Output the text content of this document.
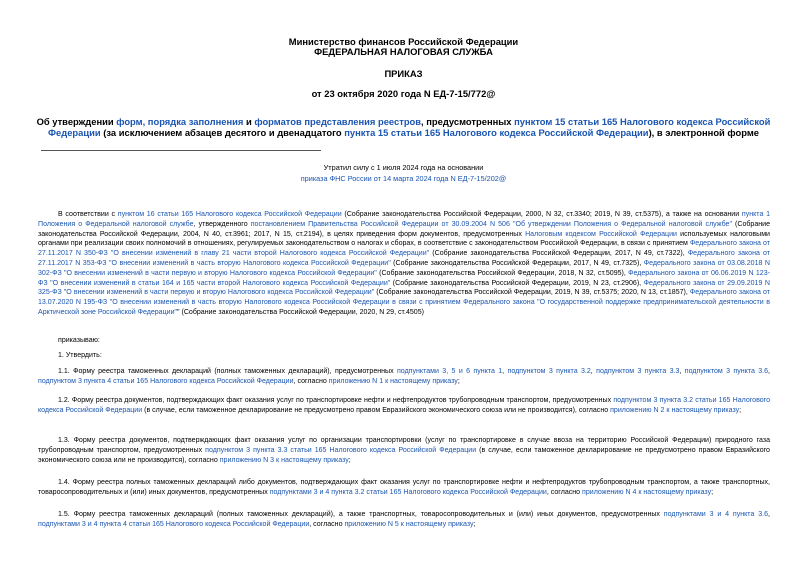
Министерство финансов Российской Федерации
ФЕДЕРАЛЬНАЯ НАЛОГОВАЯ СЛУЖБА
ПРИКАЗ
от 23 октября 2020 года N ЕД-7-15/772@
Об утверждении форм, порядка заполнения и форматов представления реестров, предусмотренных пунктом 15 статьи 165 Налогового кодекса Российской
Федерации (за исключением абзацев десятого и двенадцатого пункта 15 статьи 165 Налогового кодекса Российской Федерации), в электронной форме
Утратил силу с 1 июля 2024 года на основании
приказа ФНС России от 14 марта 2024 года N ЕД-7-15/202@
В соответствии с пунктом 16 статьи 165 Налогового кодекса Российской Федерации (Собрание законодательства Российской Федерации, 2000, N 32, ст.3340; 2019, N 39, ст.5375), а также на основании пункта 1 Положения о Федеральной налоговой службе, утвержденного постановлением Правительства Российской Федерации от 30.09.2004 N 506 "Об утверждении Положения о Федеральной налоговой службе" (Собрание законодательства Российской Федерации, 2004, N 40, ст.3961; 2017, N 15, ст.2194), в целях приведения форм документов, предусмотренных Налоговым кодексом Российской Федерации используемых налоговыми органами при реализации своих полномочий в отношениях, регулируемых законодательством о налогах и сборах, в соответствие с законодательством Российской Федерации, в связи с принятием Федерального закона от 27.11.2017 N 350-ФЗ "О внесении изменений в главу 21 части второй Налогового кодекса Российской Федерации" (Собрание законодательства Российской Федерации, 2017, N 49, ст.7322), Федерального закона от 27.11.2017 N 353-ФЗ "О внесении изменений в часть вторую Налогового кодекса Российской Федерации" (Собрание законодательства Российской Федерации, 2017, N 49, ст.7325), Федерального закона от 03.08.2018 N 302-ФЗ "О внесении изменений в части первую и вторую Налогового кодекса Российской Федерации" (Собрание законодательства Российской Федерации, 2018, N 32, ст.5095), Федерального закона от 06.06.2019 N 123-ФЗ "О внесении изменений в статьи 164 и 165 части второй Налогового кодекса Российской Федерации" (Собрание законодательства Российской Федерации, 2019, N 23, ст.2906), Федерального закона от 29.09.2019 N 325-ФЗ "О внесении изменений в части первую и вторую Налогового кодекса Российской Федерации" (Собрание законодательства Российской Федерации, 2019, N 39, ст.5375; 2020, N 13, ст.1857), Федерального закона от 13.07.2020 N 195-ФЗ "О внесении изменений в часть вторую Налогового кодекса Российской Федерации в связи с принятием Федерального закона "О государственной поддержке предпринимательской деятельности в Арктической зоне Российской Федерации"" (Собрание законодательства Российской Федерации, 2020, N 29, ст.4505)
приказываю:
1. Утвердить:
1.1. Форму реестра таможенных деклараций (полных таможенных деклараций), предусмотренных подпунктами 3, 5 и 6 пункта 1, подпунктом 3 пункта 3.2, подпунктом 3 пункта 3.3, подпунктом 3 пункта 3.6, подпунктом 3 пункта 4 статьи 165 Налогового кодекса Российской Федерации, согласно приложению N 1 к настоящему приказу;
1.2. Форму реестра документов, подтверждающих факт оказания услуг по транспортировке нефти и нефтепродуктов трубопроводным транспортом, предусмотренных подпунктом 3 пункта 3.2 статьи 165 Налогового кодекса Российской Федерации (в случае, если таможенное декларирование не предусмотрено правом Евразийского экономического союза или не производится), согласно приложению N 2 к настоящему приказу;
1.3. Форму реестра документов, подтверждающих факт оказания услуг по организации транспортировки (услуг по транспортировке в случае ввоза на территорию Российской Федерации) природного газа трубопроводным транспортом, предусмотренных подпунктом 3 пункта 3.3 статьи 165 Налогового кодекса Российской Федерации (в случае, если таможенное декларирование не предусмотрено правом Евразийского экономического союза или не производится), согласно приложению N 3 к настоящему приказу;
1.4. Форму реестра полных таможенных деклараций либо документов, подтверждающих факт оказания услуг по транспортировке нефти и нефтепродуктов трубопроводным транспортом, а также транспортных, товаросопроводительных и (или) иных документов, предусмотренных подпунктами 3 и 4 пункта 3.2 статьи 165 Налогового кодекса Российской Федерации, согласно приложению N 4 к настоящему приказу;
1.5. Форму реестра таможенных деклараций (полных таможенных деклараций), а также транспортных, товаросопроводительных и (или) иных документов, предусмотренных подпунктами 3 и 4 пункта 3.6, подпунктами 3 и 4 пункта 4 статьи 165 Налогового кодекса Российской Федерации, согласно приложению N 5 к настоящему приказу;
